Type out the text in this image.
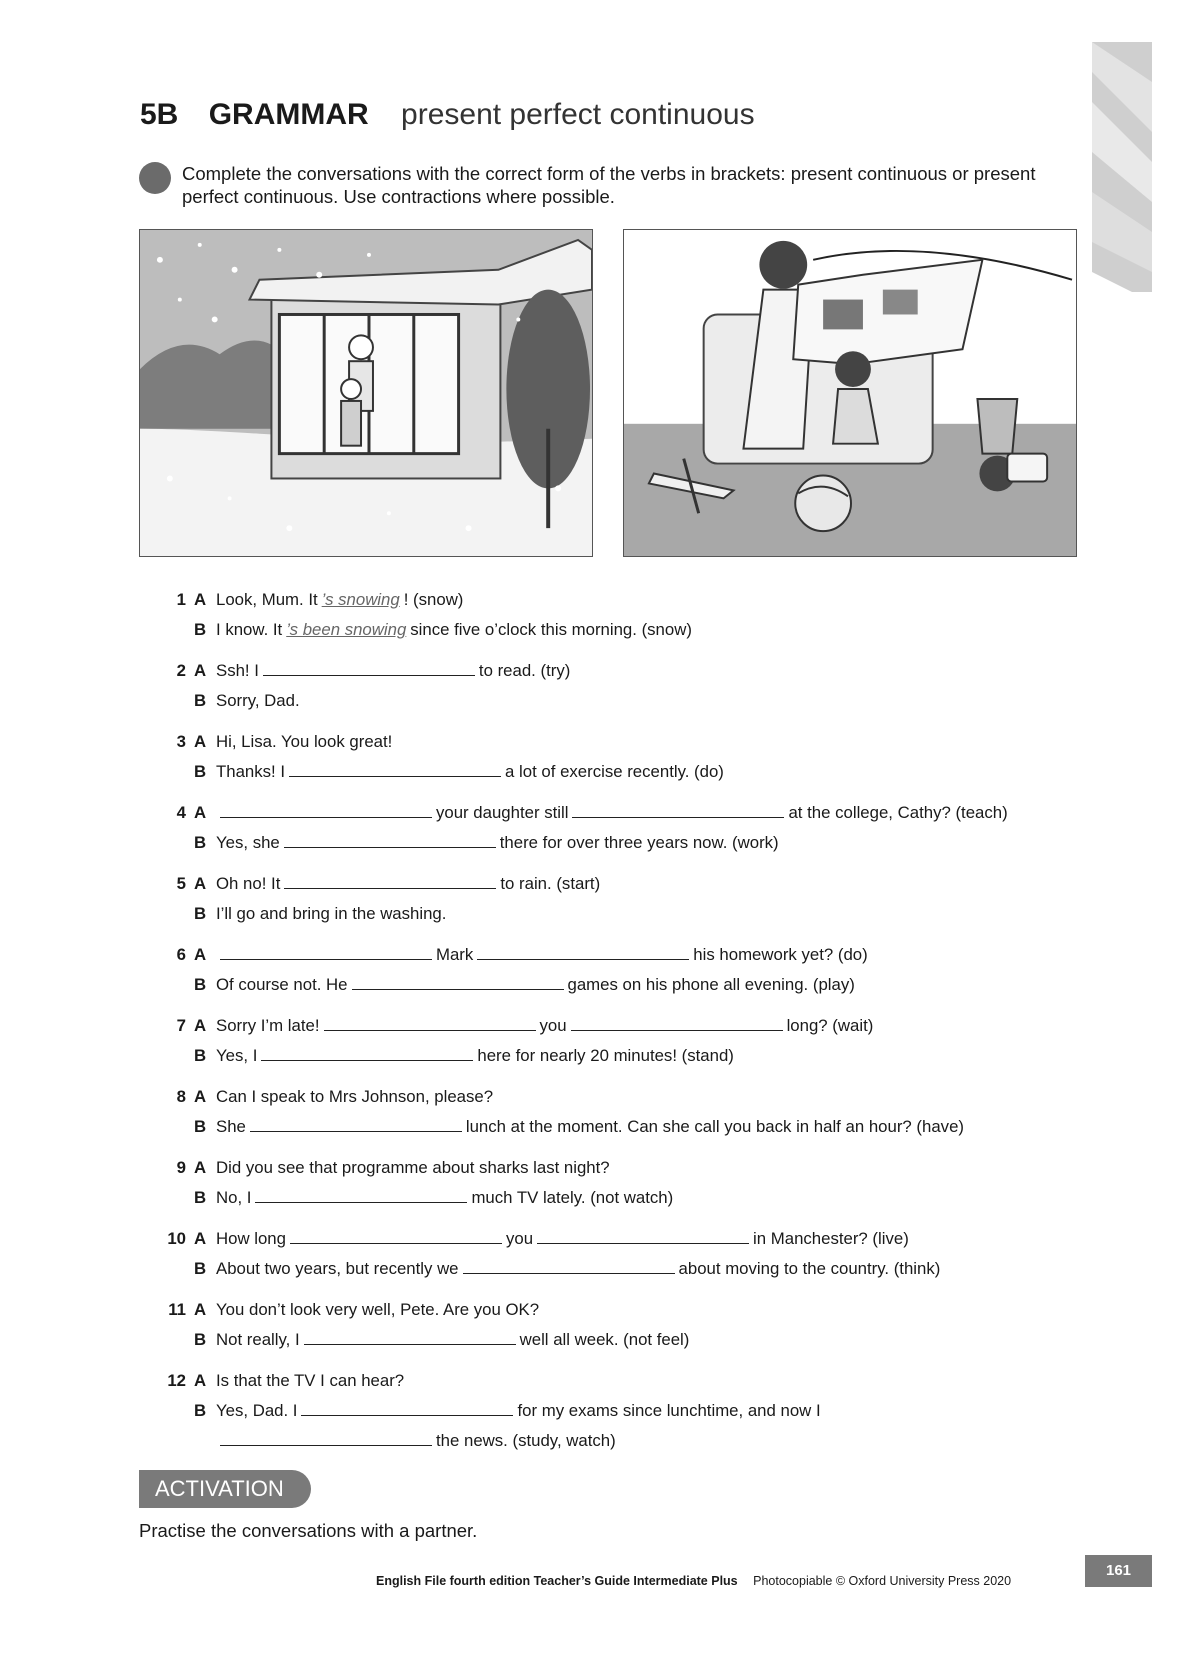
5B GRAMMAR present perfect continuous
Complete the conversations with the correct form of the verbs in brackets: present continuous or present perfect continuous. Use contractions where possible.
1 A Look, Mum. It ’s snowing ! (snow)
B I know. It ’s been snowing since five o’clock this morning. (snow)
2 A Ssh! I	to read. (try)
B Sorry, Dad.
3 A Hi, Lisa. You look great!
B Thanks! I	a lot of exercise recently. (do)
4 A	your daughter still	at the college, Cathy? (teach)
B Yes, she	there for over three years now. (work)
5 A Oh no! It	to rain. (start)
B I’ll go and bring in the washing.
6 A	Mark	his homework yet? (do)
B Of course not. He	games on his phone all evening. (play)
7 A Sorry I’m late!	you	long? (wait)
B Yes, I	here for nearly 20 minutes! (stand)
8 A Can I speak to Mrs Johnson, please?
B She	lunch at the moment. Can she call you back in half an hour? (have)
9 A Did you see that programme about sharks last night?
B No, I	much TV lately. (not watch)
10 A How long	you	in Manchester? (live)
B About two years, but recently we	about moving to the country. (think)
11 A You don’t look very well, Pete. Are you OK?
B Not really, I	well all week. (not feel)
12 A Is that the TV I can hear?
B Yes, Dad. I	for my exams since lunchtime, and now I
the news. (study, watch)
ACTIVATION
Practise the conversations with a partner.
English File fourth edition Teacher’s Guide Intermediate Plus Photocopiable © Oxford University Press 2020
161
